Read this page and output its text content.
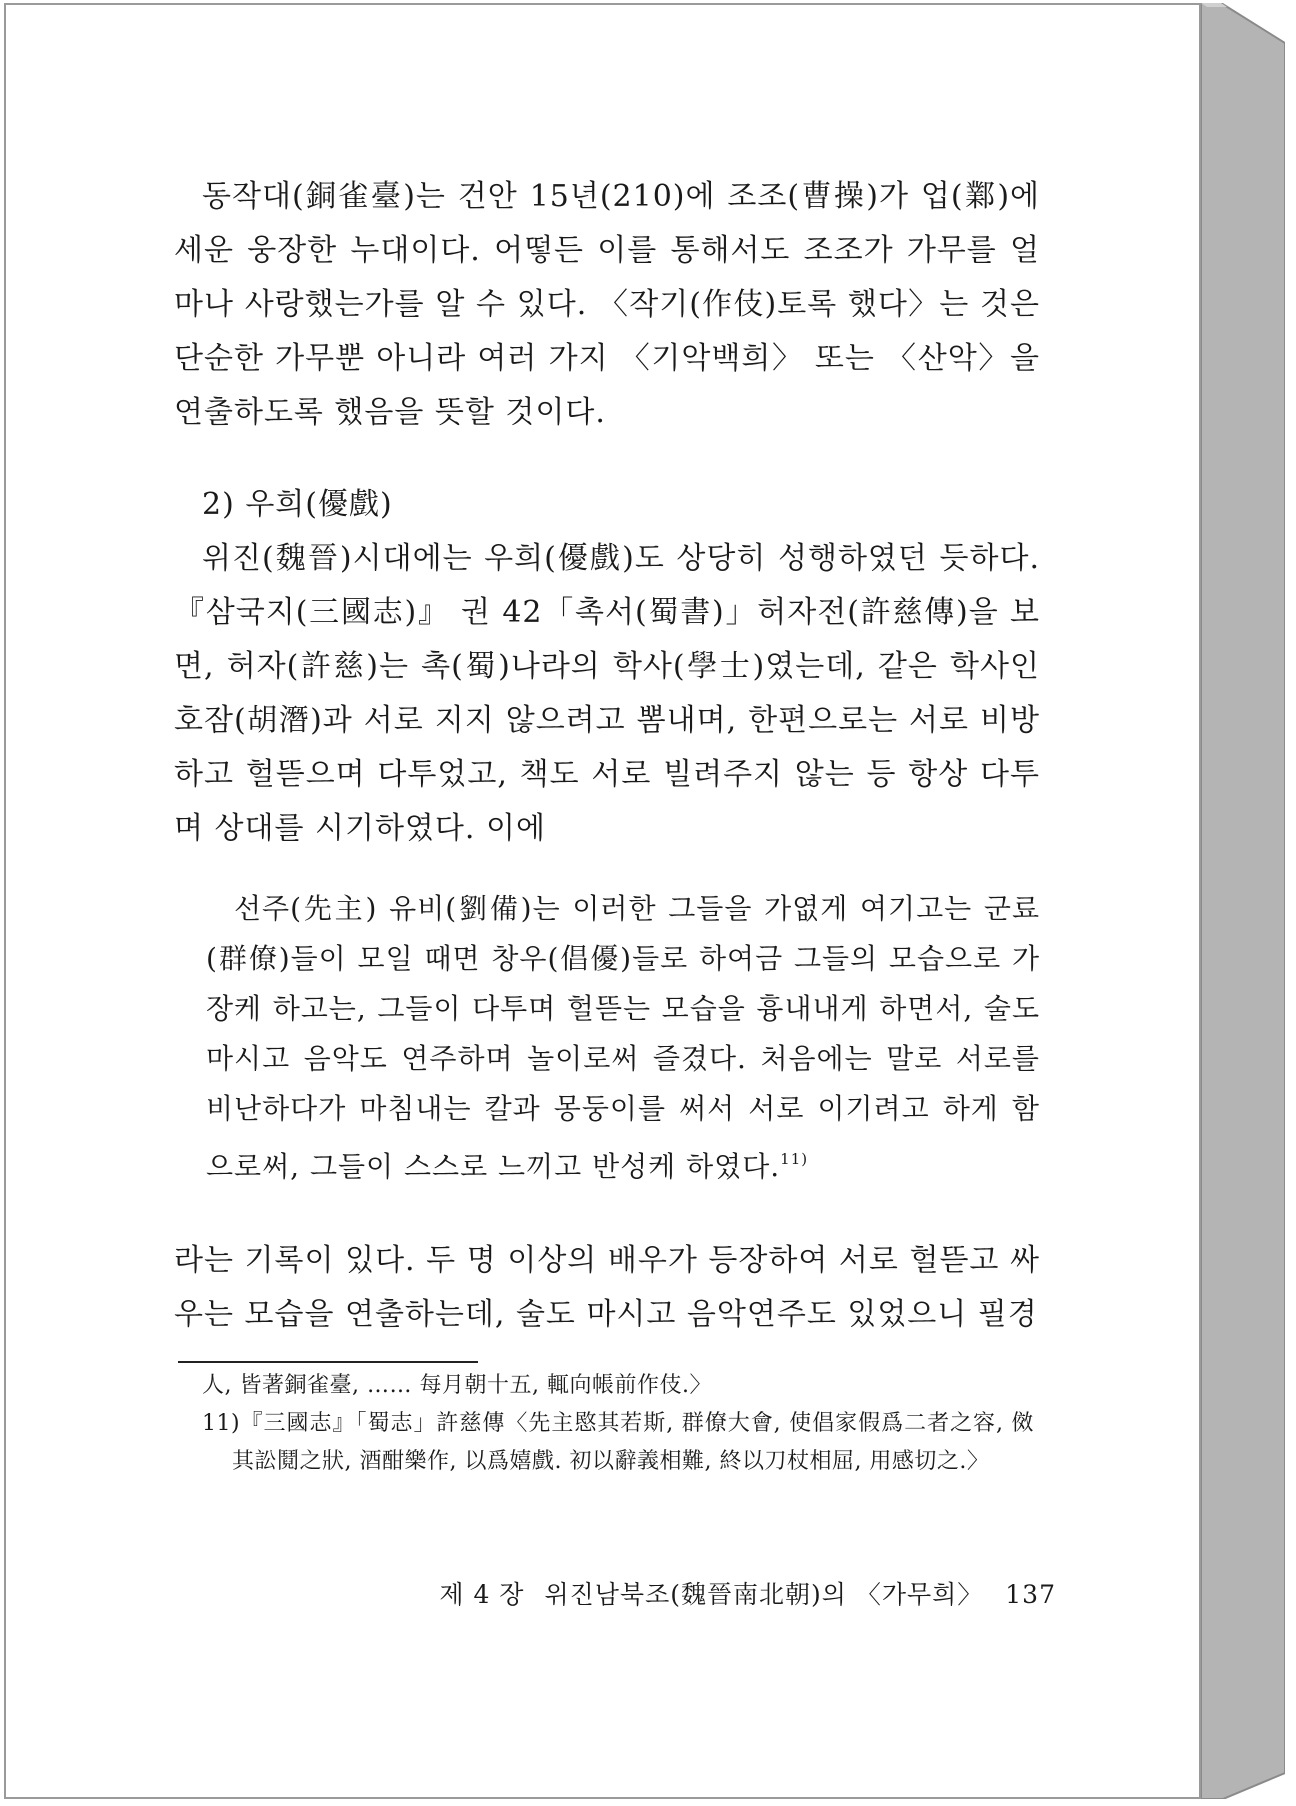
동작대(銅雀臺)는 건안 15년(210)에 조조(曹操)가 업(鄴)에 세운 웅장한 누대이다. 어떻든 이를 통해서도 조조가 가무를 얼마나 사랑했는가를 알 수 있다. 〈작기(作伎)토록 했다〉는 것은 단순한 가무뿐 아니라 여러 가지 〈기악백희〉 또는 〈산악〉을 연출하도록 했음을 뜻할 것이다.

2) 우희(優戲)

위진(魏晉)시대에는 우희(優戲)도 상당히 성행하였던 듯하다. 『삼국지(三國志)』 권 42「촉서(蜀書)」허자전(許慈傳)을 보면, 허자(許慈)는 촉(蜀)나라의 학사(學士)였는데, 같은 학사인 호잠(胡潛)과 서로 지지 않으려고 뽐내며, 한편으로는 서로 비방하고 헐뜯으며 다투었고, 책도 서로 빌려주지 않는 등 항상 다투며 상대를 시기하였다. 이에

선주(先主) 유비(劉備)는 이러한 그들을 가엾게 여기고는 군료(群僚)들이 모일 때면 창우(倡優)들로 하여금 그들의 모습으로 가장케 하고는, 그들이 다투며 헐뜯는 모습을 흉내내게 하면서, 술도 마시고 음악도 연주하며 놀이로써 즐겼다. 처음에는 말로 서로를 비난하다가 마침내는 칼과 몽둥이를 써서 서로 이기려고 하게 함으로써, 그들이 스스로 느끼고 반성케 하였다.$^{11)}$

라는 기록이 있다. 두 명 이상의 배우가 등장하여 서로 헐뜯고 싸우는 모습을 연출하는데, 술도 마시고 음악연주도 있었으니 필경

人, 皆著銅雀臺, …… 每月朝十五, 輒向帳前作伎.〉

11)『三國志』「蜀志」許慈傳〈先主愍其若斯, 群僚大會, 使倡家假爲二者之容, 傚其訟鬩之狀, 酒酣樂作, 以爲嬉戲. 初以辭義相難, 終以刀杖相屈, 用感切之.〉

제 4 장 위진남북조(魏晉南北朝)의 〈가무희〉 137
